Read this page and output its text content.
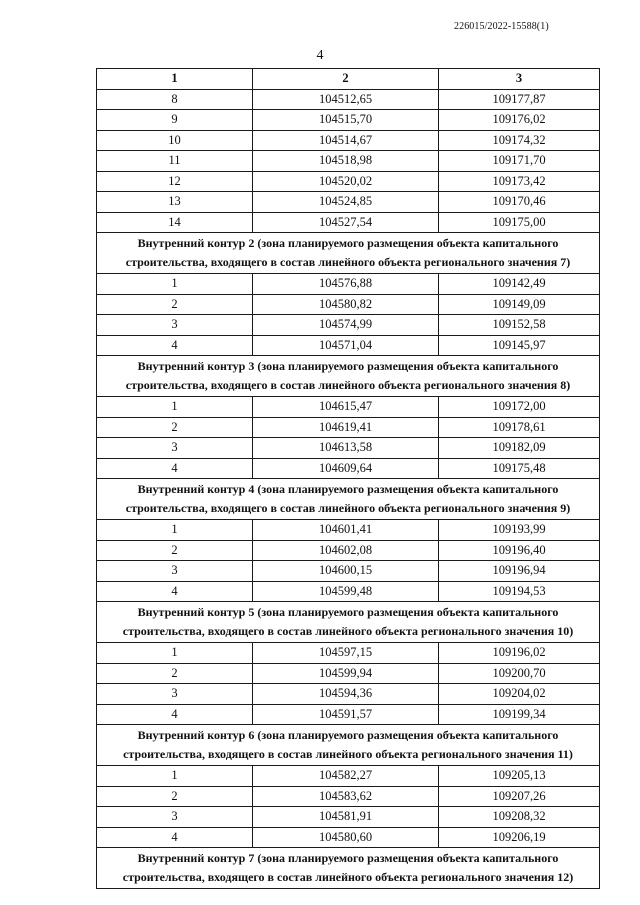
226015/2022-15588(1)
4
1	2	3
8	104512,65	109177,87
9	104515,70	109176,02
10	104514,67	109174,32
11	104518,98	109171,70
12	104520,02	109173,42
13	104524,85	109170,46
14	104527,54	109175,00

Внутренний контур 2 (зона планируемого размещения объекта капитального
строительства, входящего в состав линейного объекта регионального значения 7)		

1	104576,88	109142,49
2	104580,82	109149,09
3	104574,99	109152,58
4	104571,04	109145,97

Внутренний контур 3 (зона планируемого размещения объекта капитального
строительства, входящего в состав линейного объекта регионального значения 8)		

1	104615,47	109172,00
2	104619,41	109178,61
3	104613,58	109182,09
4	104609,64	109175,48

Внутренний контур 4 (зона планируемого размещения объекта капитального
строительства, входящего в состав линейного объекта регионального значения 9)		

1	104601,41	109193,99
2	104602,08	109196,40
3	104600,15	109196,94
4	104599,48	109194,53

Внутренний контур 5 (зона планируемого размещения объекта капитального
строительства, входящего в состав линейного объекта регионального значения 10)		

1	104597,15	109196,02
2	104599,94	109200,70
3	104594,36	109204,02
4	104591,57	109199,34

Внутренний контур 6 (зона планируемого размещения объекта капитального
строительства, входящего в состав линейного объекта регионального значения 11)		

1	104582,27	109205,13
2	104583,62	109207,26
3	104581,91	109208,32
4	104580,60	109206,19

Внутренний контур 7 (зона планируемого размещения объекта капитального
строительства, входящего в состав линейного объекта регионального значения 12)		
